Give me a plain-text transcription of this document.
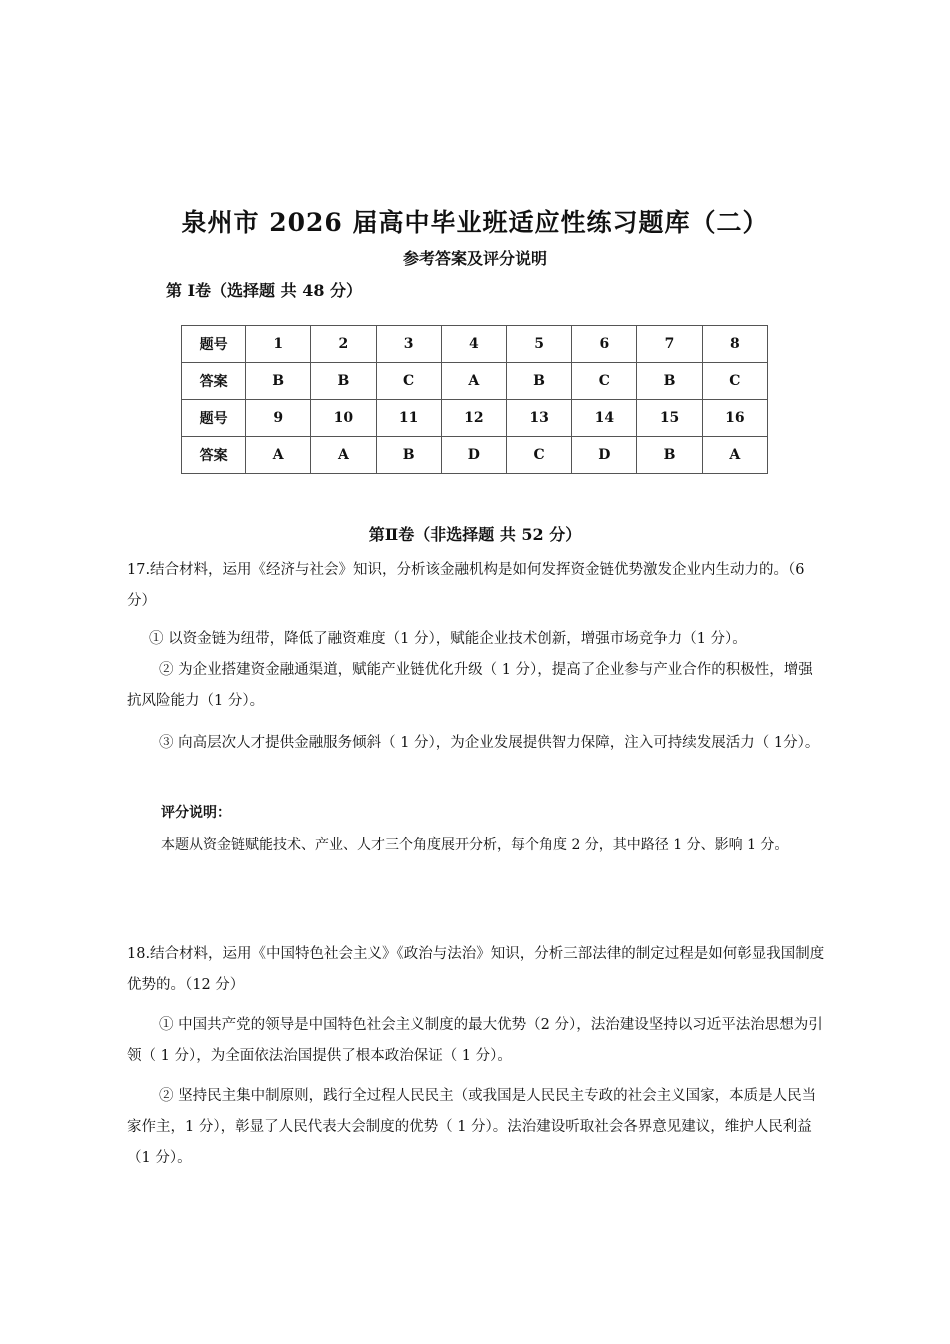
泉州市 2026 届高中毕业班适应性练习题库（二）
参考答案及评分说明
第 Ⅰ卷（选择题 共 48 分）
题号	1	2	3	4	5	6	7	8
答案	B	B	C	A	B	C	B	C
题号	9	10	11	12	13	14	15	16
答案	A	A	B	D	C	D	B	A
第Ⅱ卷（非选择题 共 52 分）
17.结合材料，运用《经济与社会》知识，分析该金融机构是如何发挥资金链优势激发企业内生动力的。（6 分）
① 以资金链为纽带，降低了融资难度（1 分），赋能企业技术创新，增强市场竞争力（1 分）。
② 为企业搭建资金融通渠道，赋能产业链优化升级（ 1 分），提高了企业参与产业合作的积极性，增强抗风险能力（1 分）。
③ 向高层次人才提供金融服务倾斜（ 1 分），为企业发展提供智力保障，注入可持续发展活力（ 1分）。
评分说明：
本题从资金链赋能技术、产业、人才三个角度展开分析，每个角度 2 分，其中路径 1 分、影响 1 分。
18.结合材料，运用《中国特色社会主义》《政治与法治》知识，分析三部法律的制定过程是如何彰显我国制度优势的。（12 分）
① 中国共产党的领导是中国特色社会主义制度的最大优势（2 分），法治建设坚持以习近平法治思想为引领（ 1 分），为全面依法治国提供了根本政治保证（ 1 分）。
② 坚持民主集中制原则，践行全过程人民民主（或我国是人民民主专政的社会主义国家，本质是人民当家作主，1 分），彰显了人民代表大会制度的优势（ 1 分）。法治建设听取社会各界意见建议，维护人民利益（1 分）。
